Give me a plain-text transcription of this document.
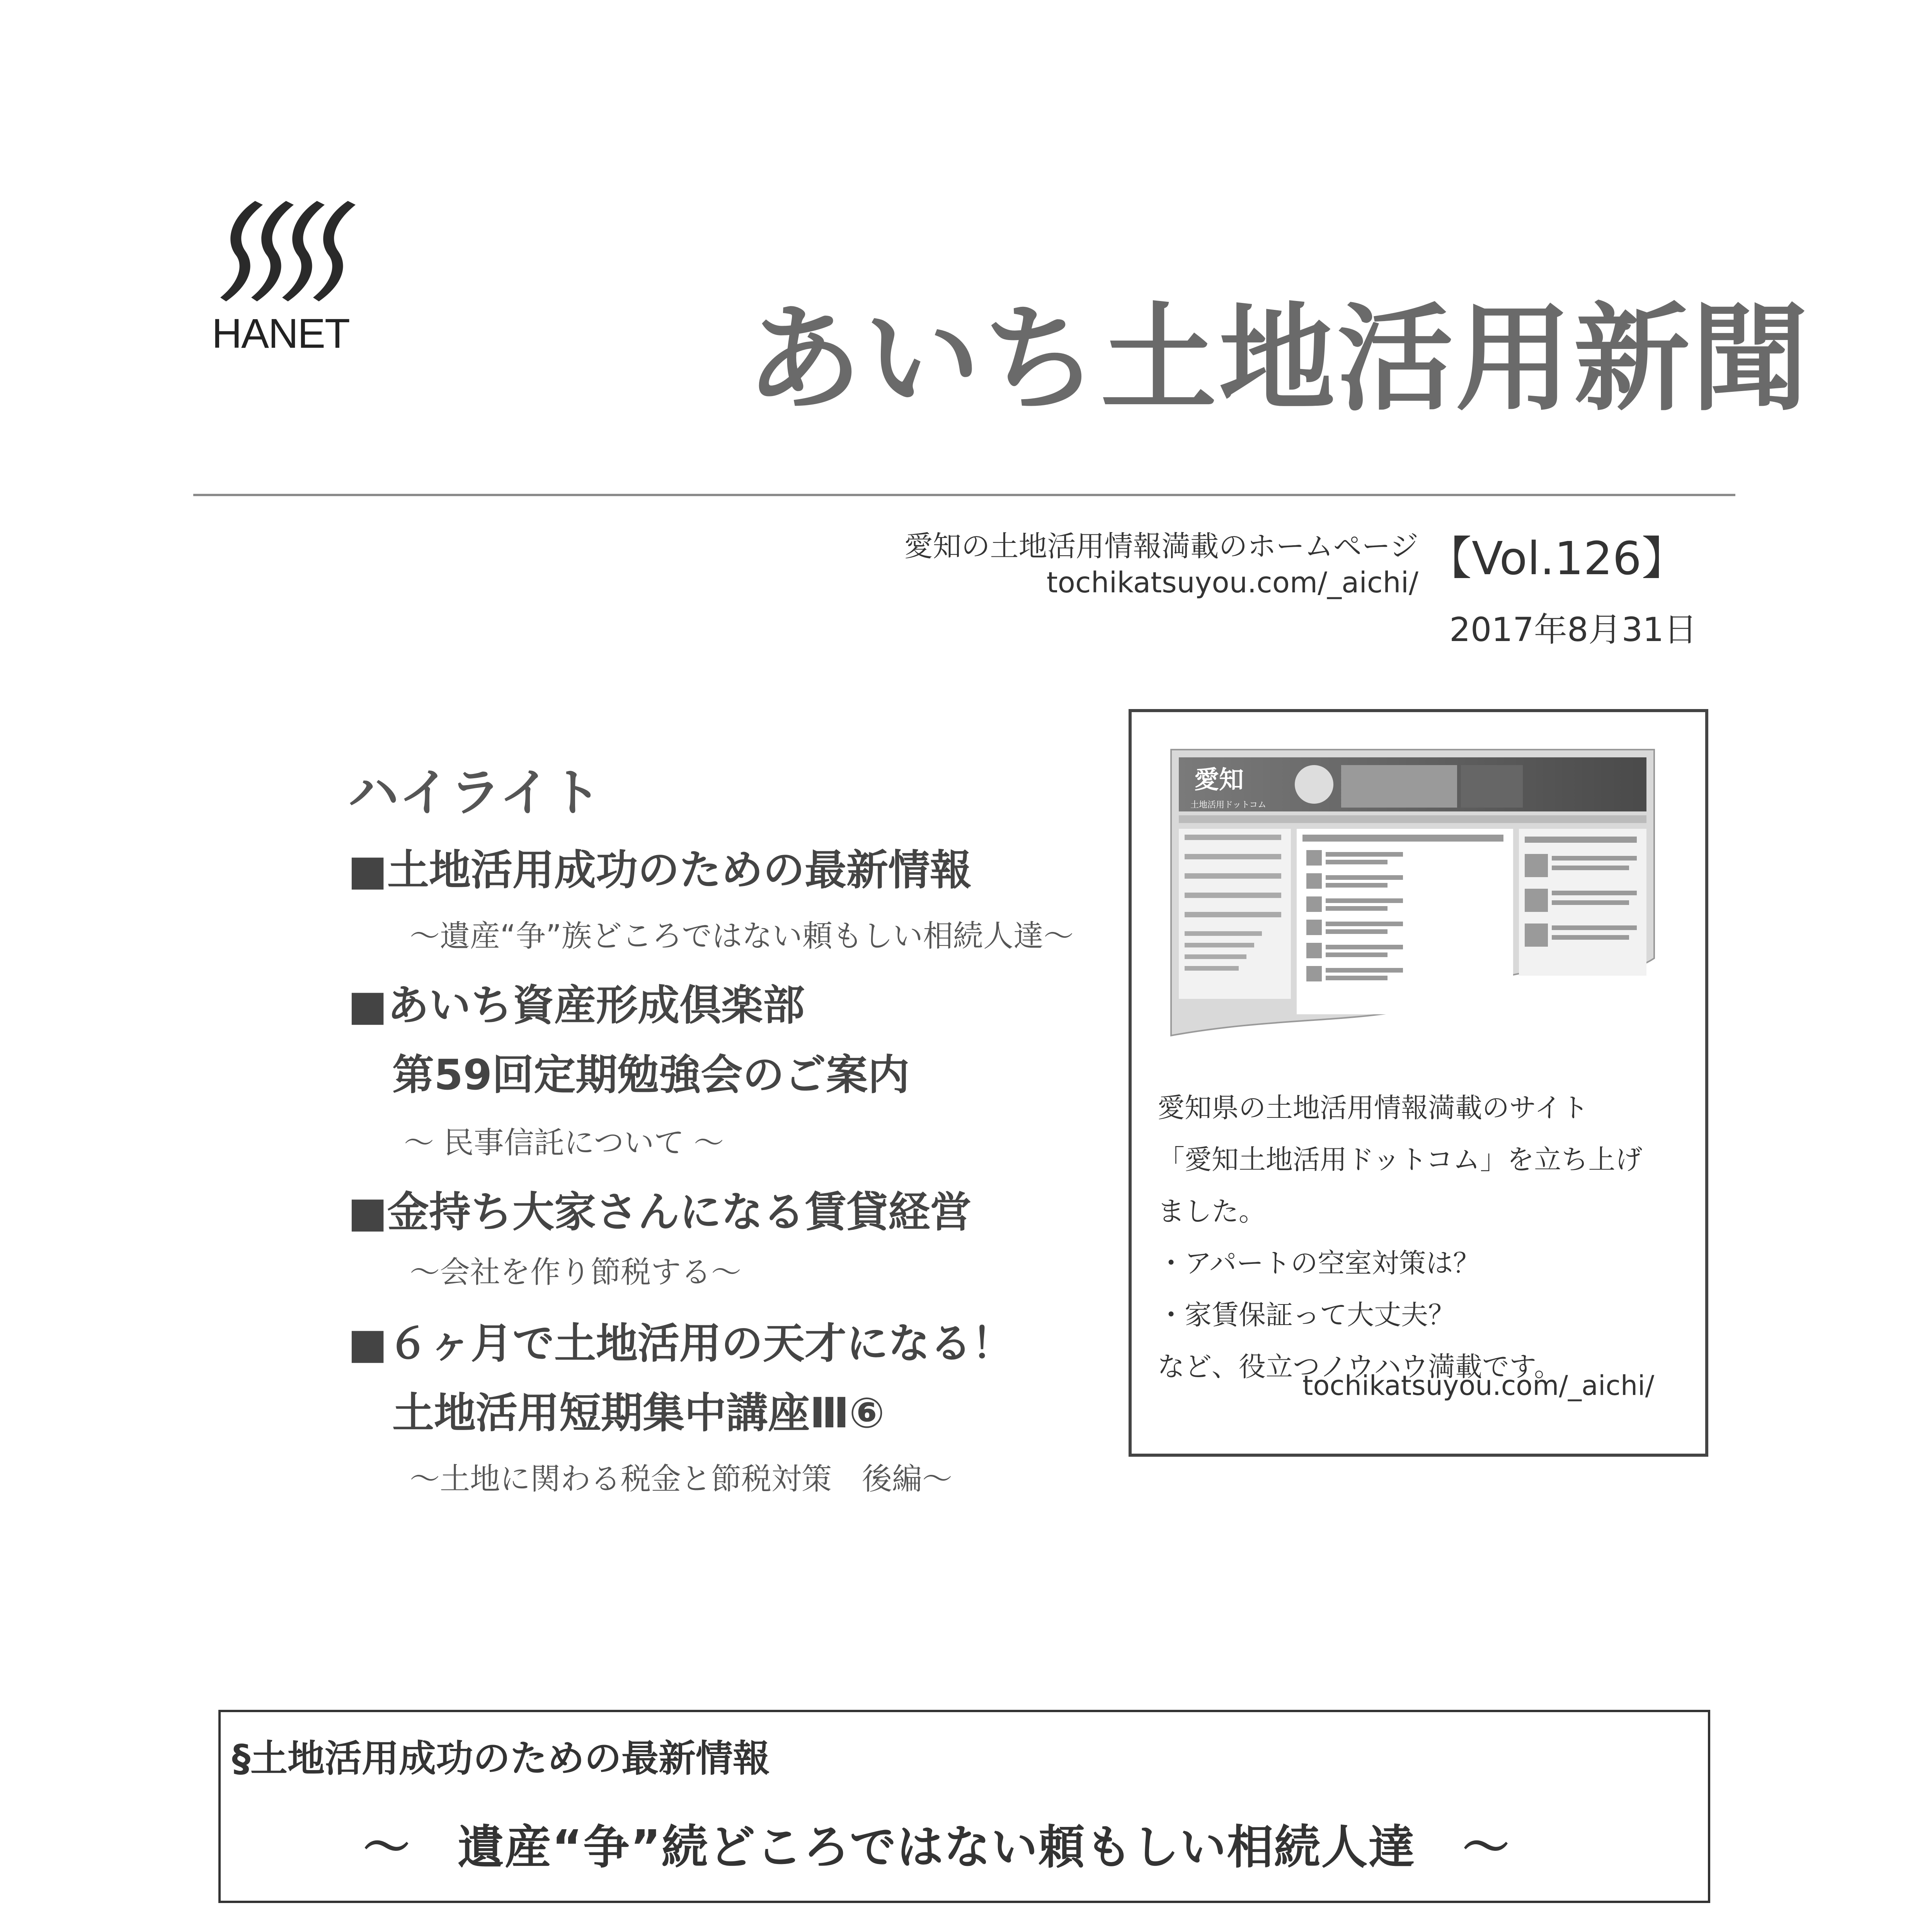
HANET	あいち土地活用新聞
愛知の土地活用情報満載のホームページ
tochikatsuyou.com/_aichi/ 【Vol.126】
2017年8月31日
ハイライト
■土地活用成功のための最新情報
～遺産“争”族どころではない頼もしい相続人達～
■あいち資産形成倶楽部
第59回定期勉強会のご案内
～ 民事信託について ～
■金持ち大家さんになる賃貸経営
～会社を作り節税する～
■６ヶ月で土地活用の天才になる！
土地活用短期集中講座Ⅲ⑥
～土地に関わる税金と節税対策　後編～
愛知
土地活用ドットコム
愛知県の土地活用情報満載のサイト
「愛知土地活用ドットコム」を立ち上げ
ました。
・アパートの空室対策は？
・家賃保証って大丈夫？
など、役立つノウハウ満載です。
tochikatsuyou.com/_aichi/
§土地活用成功のための最新情報
～　遺産“争”続どころではない頼もしい相続人達　～
